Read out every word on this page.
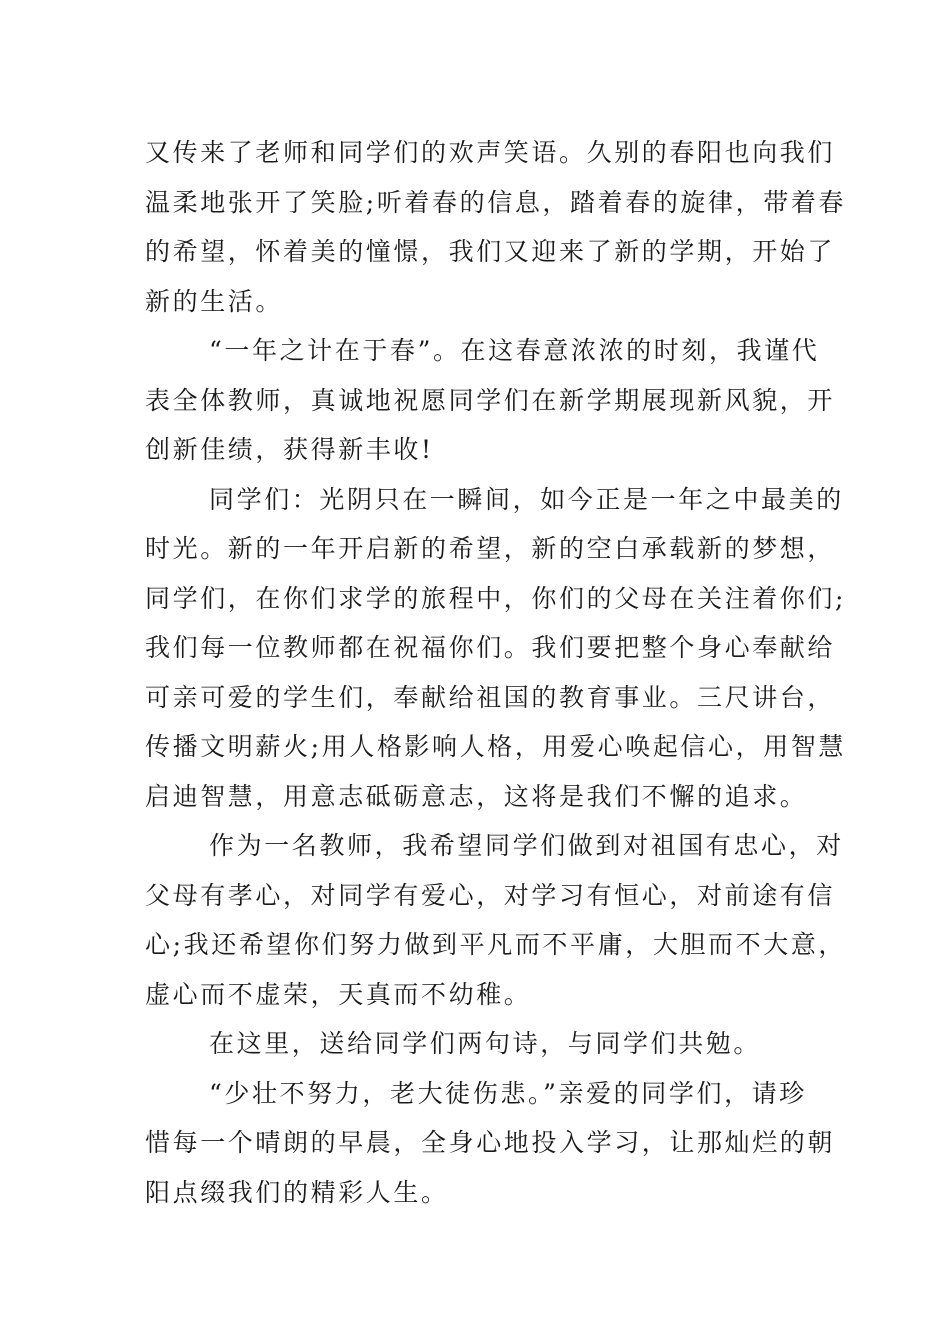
又传来了老师和同学们的欢声笑语。久别的春阳也向我们
温柔地张开了笑脸;听着春的信息，踏着春的旋律，带着春
的希望，怀着美的憧憬，我们又迎来了新的学期，开始了
新的生活。
“一年之计在于春”。在这春意浓浓的时刻，我谨代
表全体教师，真诚地祝愿同学们在新学期展现新风貌，开
创新佳绩，获得新丰收!
同学们：光阴只在一瞬间，如今正是一年之中最美的
时光。新的一年开启新的希望，新的空白承载新的梦想，
同学们，在你们求学的旅程中，你们的父母在关注着你们;
我们每一位教师都在祝福你们。我们要把整个身心奉献给
可亲可爱的学生们，奉献给祖国的教育事业。三尺讲台，
传播文明薪火;用人格影响人格，用爱心唤起信心，用智慧
启迪智慧，用意志砥砺意志，这将是我们不懈的追求。
作为一名教师，我希望同学们做到对祖国有忠心，对
父母有孝心，对同学有爱心，对学习有恒心，对前途有信
心;我还希望你们努力做到平凡而不平庸，大胆而不大意，
虚心而不虚荣，天真而不幼稚。
在这里，送给同学们两句诗，与同学们共勉。
“少壮不努力，老大徒伤悲。”亲爱的同学们，请珍
惜每一个晴朗的早晨，全身心地投入学习，让那灿烂的朝
阳点缀我们的精彩人生。
